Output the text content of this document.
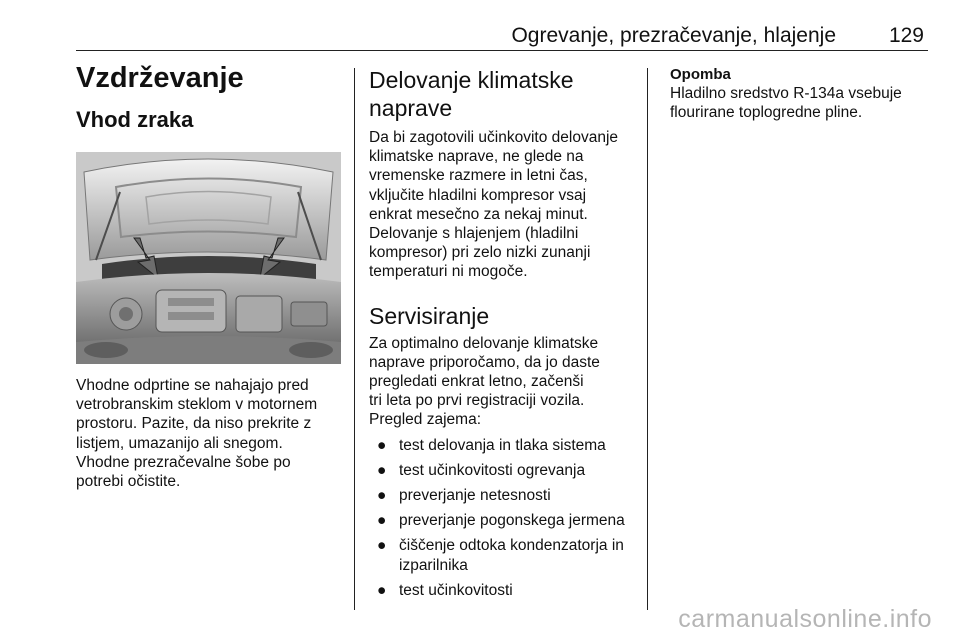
Ogrevanje, prezračevanje, hlajenje	129
Vzdrževanje
Vhod zraka
Vhodne odprtine se nahajajo pred
vetrobranskim steklom v motornem
prostoru. Pazite, da niso prekrite z
listjem, umazanijo ali snegom.
Vhodne prezračevalne šobe po
potrebi očistite.
Delovanje klimatske
naprave
Da bi zagotovili učinkovito delovanje
klimatske naprave, ne glede na
vremenske razmere in letni čas,
vključite hladilni kompresor vsaj
enkrat mesečno za nekaj minut.
Delovanje s hlajenjem (hladilni
kompresor) pri zelo nizki zunanji
temperaturi ni mogoče.
Servisiranje
Za optimalno delovanje klimatske
naprave priporočamo, da jo daste
pregledati enkrat letno, začenši
tri leta po prvi registraciji vozila.
Pregled zajema:
● test delovanja in tlaka sistema
● test učinkovitosti ogrevanja
● preverjanje netesnosti
● preverjanje pogonskega jermena
● čiščenje odtoka kondenzatorja in
izparilnika
● test učinkovitosti
Opomba
Hladilno sredstvo R-134a vsebuje
flourirane toplogredne pline.
carmanualsonline.info
